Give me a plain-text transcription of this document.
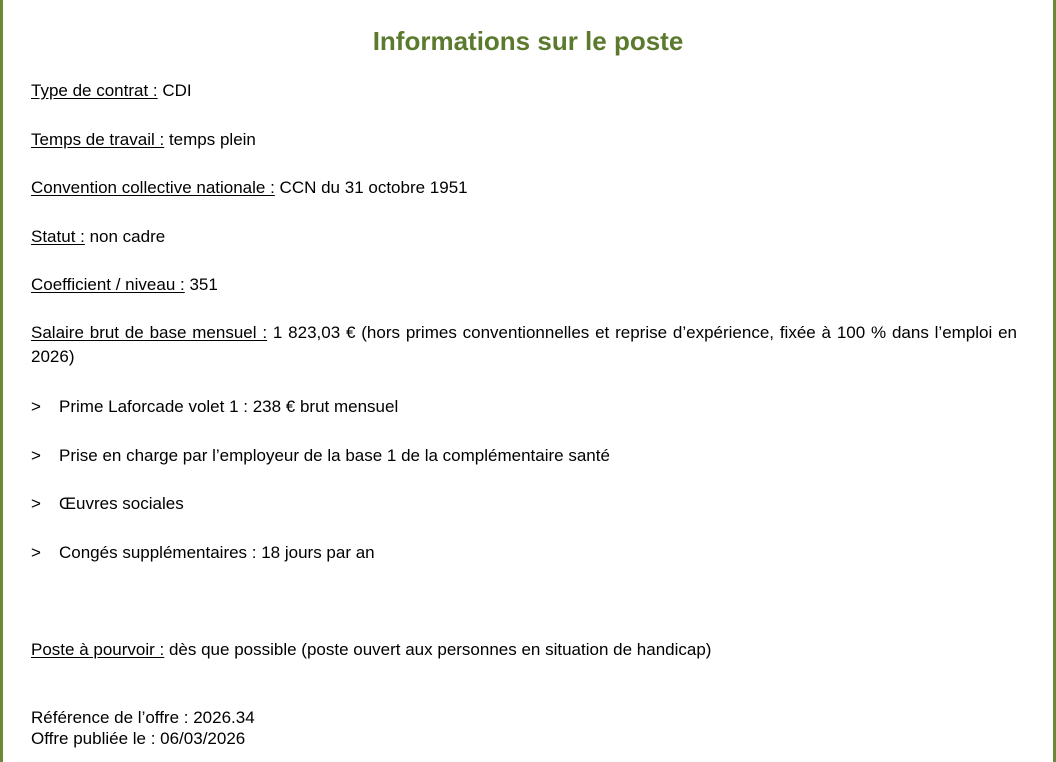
Informations sur le poste
Type de contrat : CDI
Temps de travail : temps plein
Convention collective nationale : CCN du 31 octobre 1951
Statut : non cadre
Coefficient / niveau : 351
Salaire brut de base mensuel : 1 823,03 € (hors primes conventionnelles et reprise d’expérience, fixée à 100 % dans l’emploi en 2026)
> Prime Laforcade volet 1 : 238 € brut mensuel
> Prise en charge par l’employeur de la base 1 de la complémentaire santé
> Œuvres sociales
> Congés supplémentaires : 18 jours par an
Poste à pourvoir : dès que possible (poste ouvert aux personnes en situation de handicap)
Référence de l’offre : 2026.34
Offre publiée le : 06/03/2026
